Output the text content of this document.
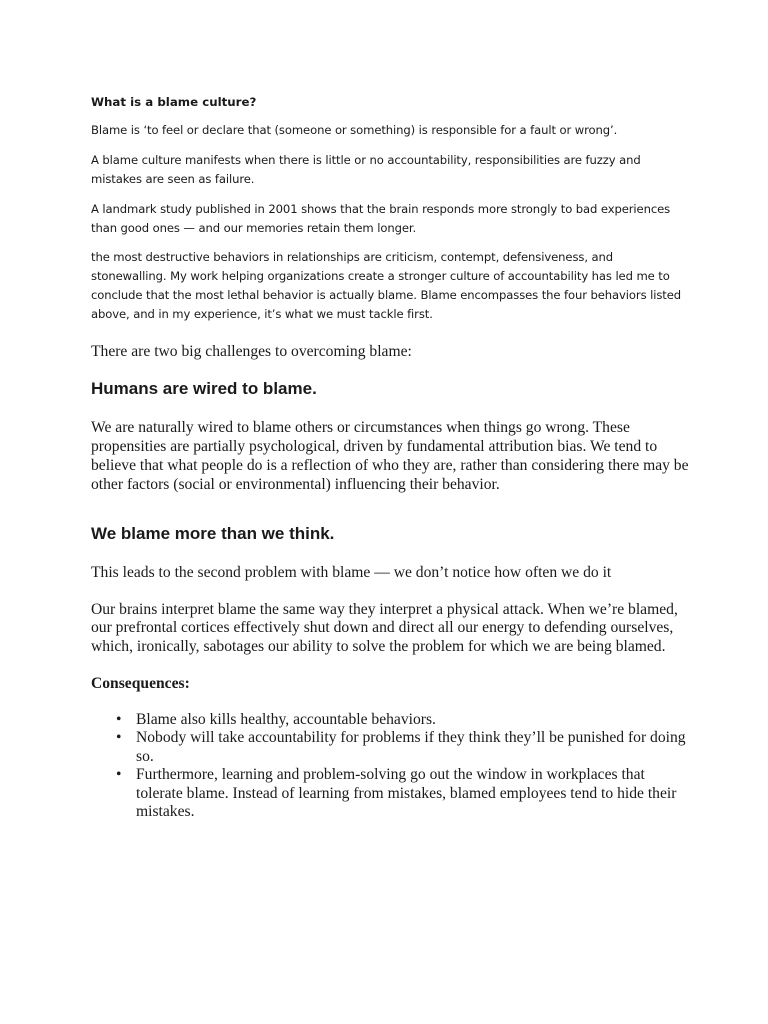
What is a blame culture?

Blame is ‘to feel or declare that (someone or something) is responsible for a fault or wrong’.

A blame culture manifests when there is little or no accountability, responsibilities are fuzzy and mistakes are seen as failure.

A landmark study published in 2001 shows that the brain responds more strongly to bad experiences than good ones — and our memories retain them longer.

the most destructive behaviors in relationships are criticism, contempt, defensiveness, and stonewalling. My work helping organizations create a stronger culture of accountability has led me to conclude that the most lethal behavior is actually blame. Blame encompasses the four behaviors listed above, and in my experience, it’s what we must tackle first.

There are two big challenges to overcoming blame:

Humans are wired to blame.

We are naturally wired to blame others or circumstances when things go wrong. These propensities are partially psychological, driven by fundamental attribution bias. We tend to believe that what people do is a reflection of who they are, rather than considering there may be other factors (social or environmental) influencing their behavior.

We blame more than we think.

This leads to the second problem with blame — we don’t notice how often we do it

Our brains interpret blame the same way they interpret a physical attack. When we’re blamed, our prefrontal cortices effectively shut down and direct all our energy to defending ourselves, which, ironically, sabotages our ability to solve the problem for which we are being blamed.

Consequences:

• Blame also kills healthy, accountable behaviors.
• Nobody will take accountability for problems if they think they’ll be punished for doing so.
• Furthermore, learning and problem-solving go out the window in workplaces that tolerate blame. Instead of learning from mistakes, blamed employees tend to hide their mistakes.
